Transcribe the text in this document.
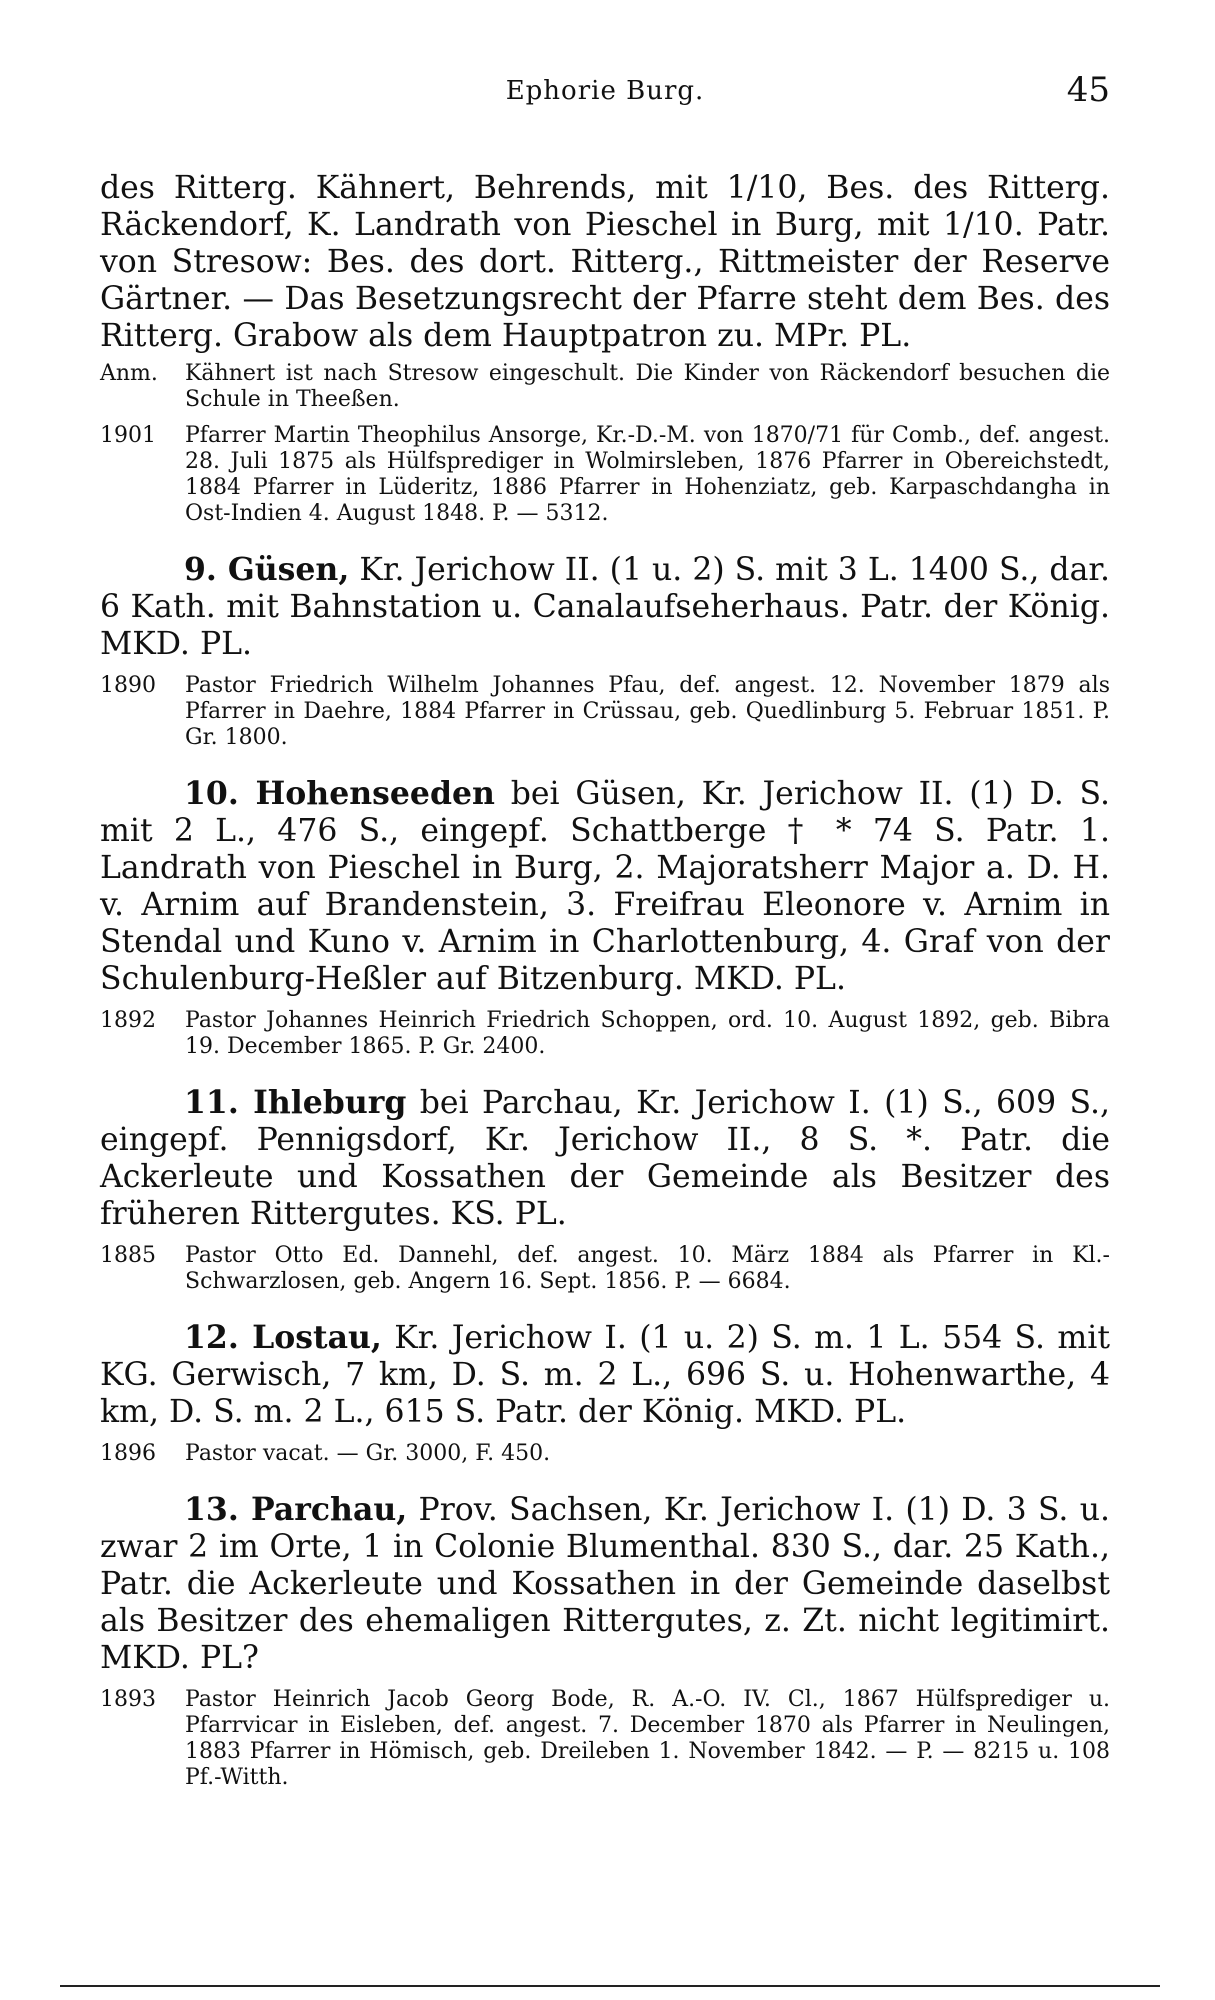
Ephorie Burg.	45

des Ritterg. Kähnert, Behrends, mit 1/10, Bes. des Ritterg. Räckendorf, K. Landrath von Pieschel in Burg, mit 1/10. Patr. von Stresow: Bes. des dort. Ritterg., Rittmeister der Reserve Gärtner. — Das Besetzungsrecht der Pfarre steht dem Bes. des Ritterg. Grabow als dem Hauptpatron zu. MPr. PL.

Anm. Kähnert ist nach Stresow eingeschult. Die Kinder von Räckendorf besuchen die Schule in Theeßen.

1901 Pfarrer Martin Theophilus Ansorge, Kr.-D.-M. von 1870/71 für Comb., def. angest. 28. Juli 1875 als Hülfsprediger in Wolmirsleben, 1876 Pfarrer in Obereichstedt, 1884 Pfarrer in Lüderitz, 1886 Pfarrer in Hohenziatz, geb. Karpaschdangha in Ost-Indien 4. August 1848. P. — 5312.

9. Güsen, Kr. Jerichow II. (1 u. 2) S. mit 3 L. 1400 S., dar. 6 Kath. mit Bahnstation u. Canalaufseherhaus. Patr. der König. MKD. PL.

1890 Pastor Friedrich Wilhelm Johannes Pfau, def. angest. 12. November 1879 als Pfarrer in Daehre, 1884 Pfarrer in Crüssau, geb. Quedlinburg 5. Februar 1851. P. Gr. 1800.

10. Hohenseeden bei Güsen, Kr. Jerichow II. (1) D. S. mit 2 L., 476 S., eingepf. Schattberge † * 74 S. Patr. 1. Landrath von Pieschel in Burg, 2. Majoratsherr Major a. D. H. v. Arnim auf Brandenstein, 3. Freifrau Eleonore v. Arnim in Stendal und Kuno v. Arnim in Charlottenburg, 4. Graf von der Schulenburg-Heßler auf Bitzenburg. MKD. PL.

1892 Pastor Johannes Heinrich Friedrich Schoppen, ord. 10. August 1892, geb. Bibra 19. December 1865. P. Gr. 2400.

11. Ihleburg bei Parchau, Kr. Jerichow I. (1) S., 609 S., eingepf. Pennigsdorf, Kr. Jerichow II., 8 S. *. Patr. die Ackerleute und Kossathen der Gemeinde als Besitzer des früheren Rittergutes. KS. PL.

1885 Pastor Otto Ed. Dannehl, def. angest. 10. März 1884 als Pfarrer in Kl.-Schwarzlosen, geb. Angern 16. Sept. 1856. P. — 6684.

12. Lostau, Kr. Jerichow I. (1 u. 2) S. m. 1 L. 554 S. mit KG. Gerwisch, 7 km, D. S. m. 2 L., 696 S. u. Hohenwarthe, 4 km, D. S. m. 2 L., 615 S. Patr. der König. MKD. PL.

1896 Pastor vacat. — Gr. 3000, F. 450.

13. Parchau, Prov. Sachsen, Kr. Jerichow I. (1) D. 3 S. u. zwar 2 im Orte, 1 in Colonie Blumenthal. 830 S., dar. 25 Kath., Patr. die Ackerleute und Kossathen in der Gemeinde daselbst als Besitzer des ehemaligen Rittergutes, z. Zt. nicht legitimirt. MKD. PL?

1893 Pastor Heinrich Jacob Georg Bode, R. A.-O. IV. Cl., 1867 Hülfsprediger u. Pfarrvicar in Eisleben, def. angest. 7. December 1870 als Pfarrer in Neulingen, 1883 Pfarrer in Hömisch, geb. Dreileben 1. November 1842. — P. — 8215 u. 108 Pf.-Witth.
